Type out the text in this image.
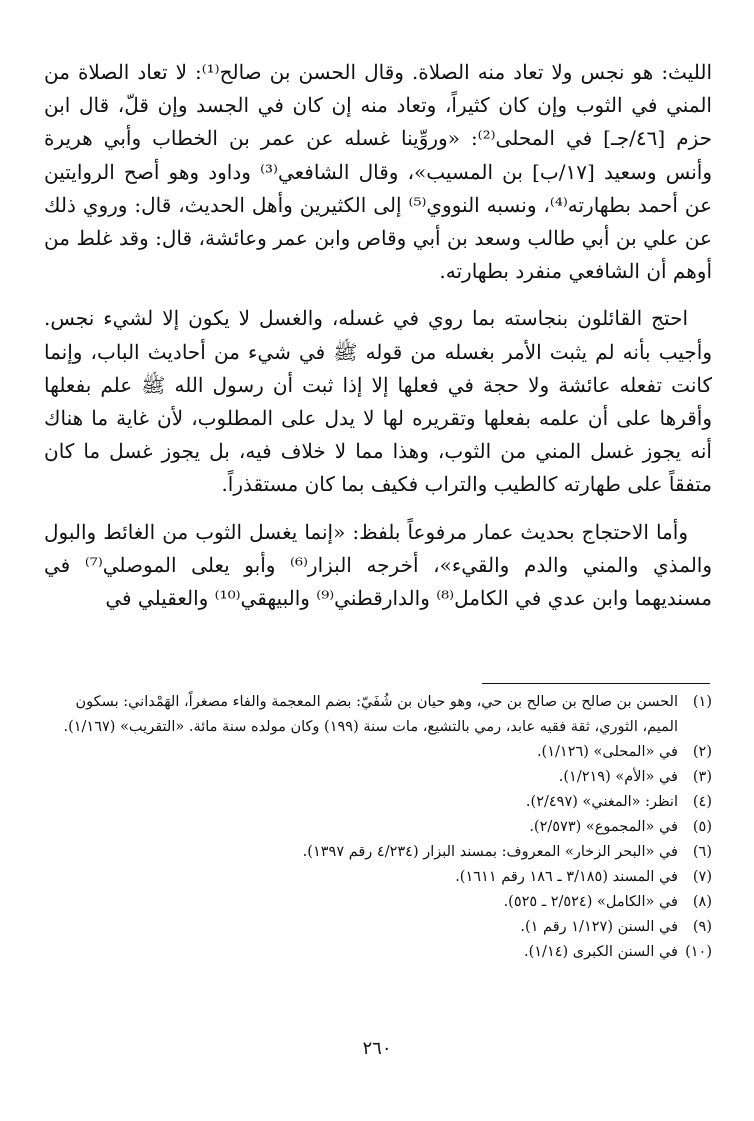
الليث: هو نجس ولا تعاد منه الصلاة. وقال الحسن بن صالح⁽¹⁾: لا تعاد الصلاة من المني في الثوب وإن كان كثيراً، وتعاد منه إن كان في الجسد وإن قلّ، قال ابن حزم [٤٦/جـ] في المحلى⁽²⁾: «وروِّينا غسله عن عمر بن الخطاب وأبي هريرة وأنس وسعيد [١٧/ب] بن المسيب»، وقال الشافعي⁽³⁾ وداود وهو أصح الروايتين عن أحمد بطهارته⁽⁴⁾، ونسبه النووي⁽⁵⁾ إلى الكثيرين وأهل الحديث، قال: وروي ذلك عن علي بن أبي طالب وسعد بن أبي وقاص وابن عمر وعائشة، قال: وقد غلط من أوهم أن الشافعي منفرد بطهارته.

احتج القائلون بنجاسته بما روي في غسله، والغسل لا يكون إلا لشيء نجس. وأجيب بأنه لم يثبت الأمر بغسله من قوله ﷺ في شيء من أحاديث الباب، وإنما كانت تفعله عائشة ولا حجة في فعلها إلا إذا ثبت أن رسول الله ﷺ علم بفعلها وأقرها على أن علمه بفعلها وتقريره لها لا يدل على المطلوب، لأن غاية ما هناك أنه يجوز غسل المني من الثوب، وهذا مما لا خلاف فيه، بل يجوز غسل ما كان متفقاً على طهارته كالطيب والتراب فكيف بما كان مستقذراً.

وأما الاحتجاج بحديث عمار مرفوعاً بلفظ: «إنما يغسل الثوب من الغائط والبول والمذي والمني والدم والقيء»، أخرجه البزار⁽⁶⁾ وأبو يعلى الموصلي⁽⁷⁾ في مسنديهما وابن عدي في الكامل⁽⁸⁾ والدارقطني⁽⁹⁾ والبيهقي⁽¹⁰⁾ والعقيلي في

(١)
الحسن بن صالح بن صالح بن حي، وهو حيان بن شُفَيّ: بضم المعجمة والفاء مصغراً، الهَمْداني: بسكون الميم، الثوري، ثقة فقيه عابد، رمي بالتشيع، مات سنة (١٩٩) وكان مولده سنة مائة. «التقريب» (١/١٦٧).
(٢)
في «المحلى» (١/١٢٦).
(٣)
في «الأم» (١/٢١٩).
(٤)
انظر: «المغني» (٢/٤٩٧).
(٥)
في «المجموع» (٢/٥٧٣).
(٦)
في «البحر الزخار» المعروف: بمسند البزار (٤/٢٣٤ رقم ١٣٩٧).
(٧)
في المسند (٣/١٨٥ ـ ١٨٦ رقم ١٦١١).
(٨)
في «الكامل» (٢/٥٢٤ ـ ٥٢٥).
(٩)
في السنن (١/١٢٧ رقم ١).
(١٠)
في السنن الكبرى (١/١٤).
٢٦٠
